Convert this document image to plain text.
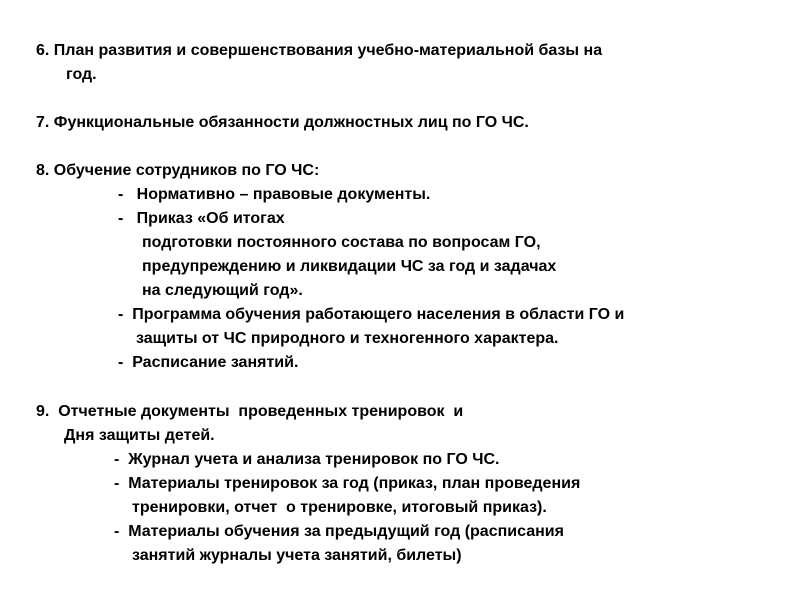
6. План развития и совершенствования учебно-материальной базы на
год.
7. Функциональные обязанности должностных лиц по ГО ЧС.
8. Обучение сотрудников по ГО ЧС:
-   Нормативно – правовые документы.
-   Приказ «Об итогах
подготовки постоянного состава по вопросам ГО,
предупреждению и ликвидации ЧС за год и задачах
на следующий год».
-  Программа обучения работающего населения в области ГО и
защиты от ЧС природного и техногенного характера.
-  Расписание занятий.
9.  Отчетные документы  проведенных тренировок  и
Дня защиты детей.
-  Журнал учета и анализа тренировок по ГО ЧС.
-  Материалы тренировок за год (приказ, план проведения
тренировки, отчет  о тренировке, итоговый приказ).
-  Материалы обучения за предыдущий год (расписания
занятий журналы учета занятий, билеты)
